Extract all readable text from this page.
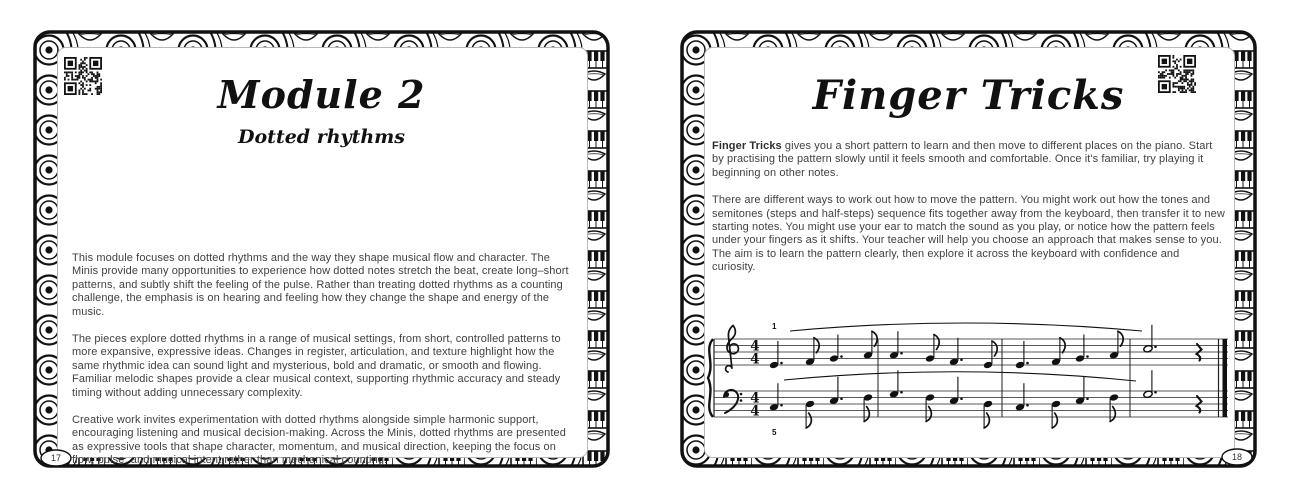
Module 2
Dotted rhythms

This module focuses on dotted rhythms and the way they shape musical flow and character. The Minis provide many opportunities to experience how dotted notes stretch the beat, create long–short patterns, and subtly shift the feeling of the pulse. Rather than treating dotted rhythms as a counting challenge, the emphasis is on hearing and feeling how they change the shape and energy of the music.

The pieces explore dotted rhythms in a range of musical settings, from short, controlled patterns to more expansive, expressive ideas. Changes in register, articulation, and texture highlight how the same rhythmic idea can sound light and mysterious, bold and dramatic, or smooth and flowing. Familiar melodic shapes provide a clear musical context, supporting rhythmic accuracy and steady timing without adding unnecessary complexity.

Creative work invites experimentation with dotted rhythms alongside simple harmonic support, encouraging listening and musical decision-making. Across the Minis, dotted rhythms are presented as expressive tools that shape character, momentum, and musical direction, keeping the focus on flow, pulse, and musical intent rather than mechanical counting.

17
Finger Tricks

Finger Tricks gives you a short pattern to learn and then move to different places on the piano. Start by practising the pattern slowly until it feels smooth and comfortable. Once it's familiar, try playing it beginning on other notes.

There are different ways to work out how to move the pattern. You might work out how the tones and semitones (steps and half-steps) sequence fits together away from the keyboard, then transfer it to new starting notes. You might use your ear to match the sound as you play, or notice how the pattern feels under your fingers as it shifts. Your teacher will help you choose an approach that makes sense to you. The aim is to learn the pattern clearly, then explore it across the keyboard with confidence and curiosity.

4
4
4
4
1
5
18
